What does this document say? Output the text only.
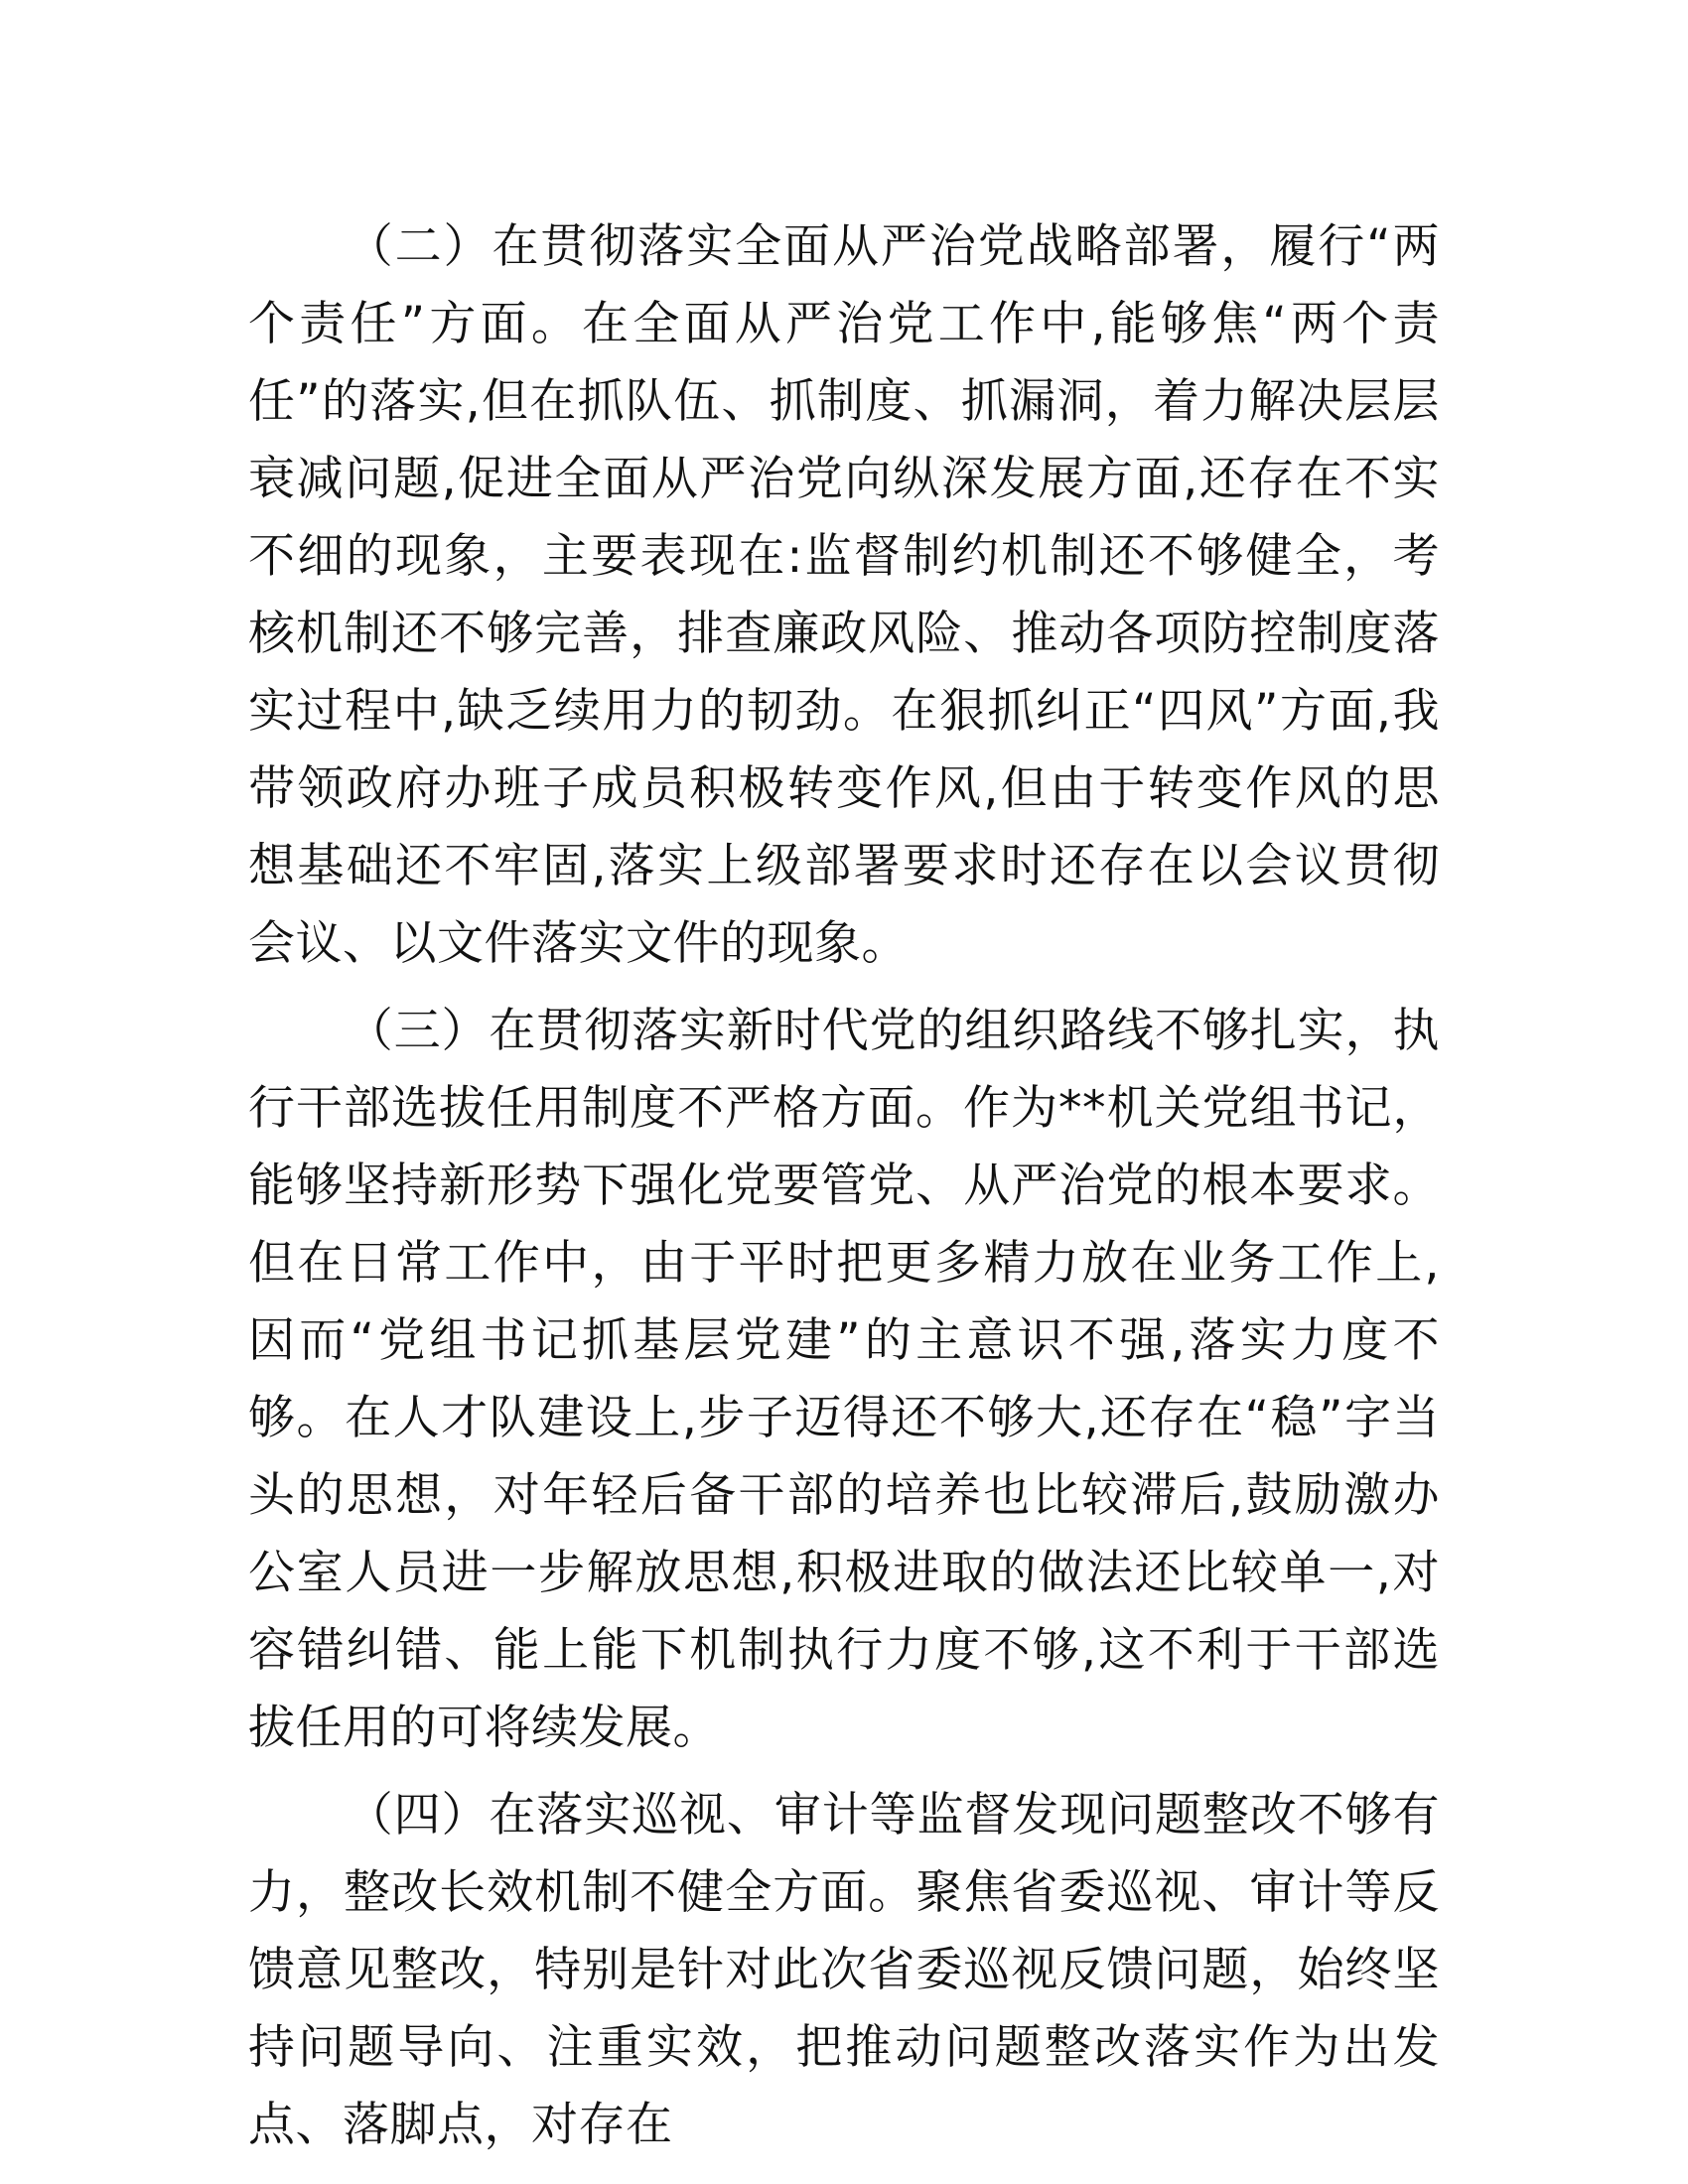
（二）在贯彻落实全面从严治党战略部署，履行“两个责任”方面。在全面从严治党工作中,能够焦“两个责任”的落实,但在抓队伍、抓制度、抓漏洞，着力解决层层衰减问题,促进全面从严治党向纵深发展方面,还存在不实不细的现象，主要表现在:监督制约机制还不够健全，考核机制还不够完善，排查廉政风险、推动各项防控制度落实过程中,缺乏续用力的韧劲。在狠抓纠正“四风”方面,我带领政府办班子成员积极转变作风,但由于转变作风的思想基础还不牢固,落实上级部署要求时还存在以会议贯彻会议、以文件落实文件的现象。

（三）在贯彻落实新时代党的组织路线不够扎实，执行干部选拔任用制度不严格方面。作为**机关党组书记，能够坚持新形势下强化党要管党、从严治党的根本要求。但在日常工作中，由于平时把更多精力放在业务工作上,因而“党组书记抓基层党建”的主意识不强,落实力度不够。在人才队建设上,步子迈得还不够大,还存在“稳”字当头的思想，对年轻后备干部的培养也比较滞后,鼓励激办公室人员进一步解放思想,积极进取的做法还比较单一,对容错纠错、能上能下机制执行力度不够,这不利于干部选拔任用的可将续发展。

（四）在落实巡视、审计等监督发现问题整改不够有力，整改长效机制不健全方面。聚焦省委巡视、审计等反馈意见整改，特别是针对此次省委巡视反馈问题，始终坚持问题导向、注重实效，把推动问题整改落实作为出发点、落脚点，对存在
